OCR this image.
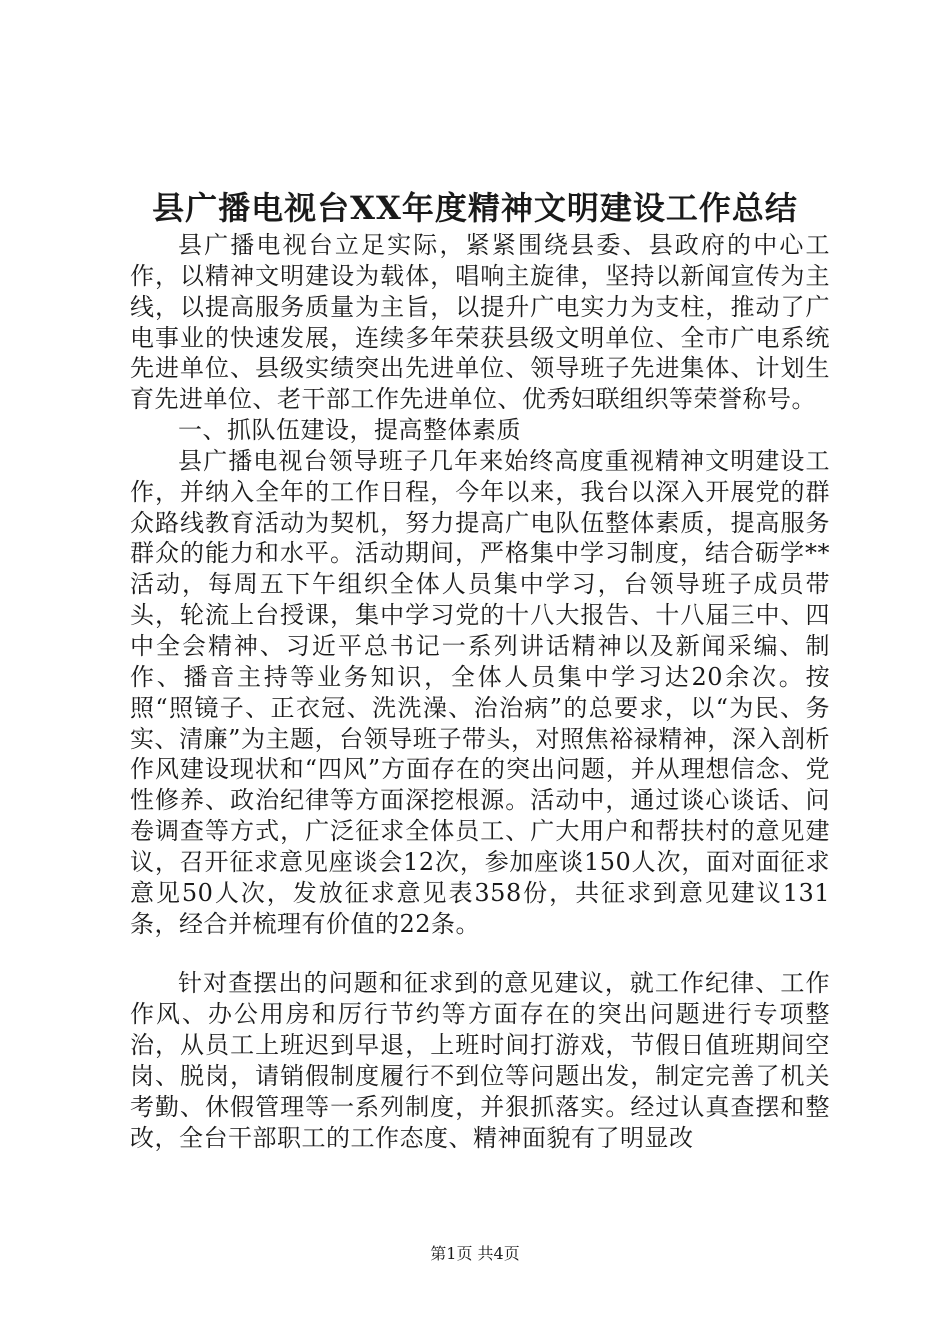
县广播电视台XX年度精神文明建设工作总结

县广播电视台立足实际，紧紧围绕县委、县政府的中心工作，以精神文明建设为载体，唱响主旋律，坚持以新闻宣传为主线，以提高服务质量为主旨，以提升广电实力为支柱，推动了广电事业的快速发展，连续多年荣获县级文明单位、全市广电系统先进单位、县级实绩突出先进单位、领导班子先进集体、计划生育先进单位、老干部工作先进单位、优秀妇联组织等荣誉称号。

一、抓队伍建设，提高整体素质

县广播电视台领导班子几年来始终高度重视精神文明建设工作，并纳入全年的工作日程，今年以来，我台以深入开展党的群众路线教育活动为契机，努力提高广电队伍整体素质，提高服务群众的能力和水平。活动期间，严格集中学习制度，结合砺学**活动，每周五下午组织全体人员集中学习，台领导班子成员带头，轮流上台授课，集中学习党的十八大报告、十八届三中、四中全会精神、习近平总书记一系列讲话精神以及新闻采编、制作、播音主持等业务知识，全体人员集中学习达20余次。按照“照镜子、正衣冠、洗洗澡、治治病”的总要求，以“为民、务实、清廉”为主题，台领导班子带头，对照焦裕禄精神，深入剖析作风建设现状和“四风”方面存在的突出问题，并从理想信念、党性修养、政治纪律等方面深挖根源。活动中，通过谈心谈话、问卷调查等方式，广泛征求全体员工、广大用户和帮扶村的意见建议，召开征求意见座谈会12次，参加座谈150人次，面对面征求意见50人次，发放征求意见表358份，共征求到意见建议131条，经合并梳理有价值的22条。

针对查摆出的问题和征求到的意见建议，就工作纪律、工作作风、办公用房和厉行节约等方面存在的突出问题进行专项整治，从员工上班迟到早退，上班时间打游戏，节假日值班期间空岗、脱岗，请销假制度履行不到位等问题出发，制定完善了机关考勤、休假管理等一系列制度，并狠抓落实。经过认真查摆和整改，全台干部职工的工作态度、精神面貌有了明显改

第1页 共4页
